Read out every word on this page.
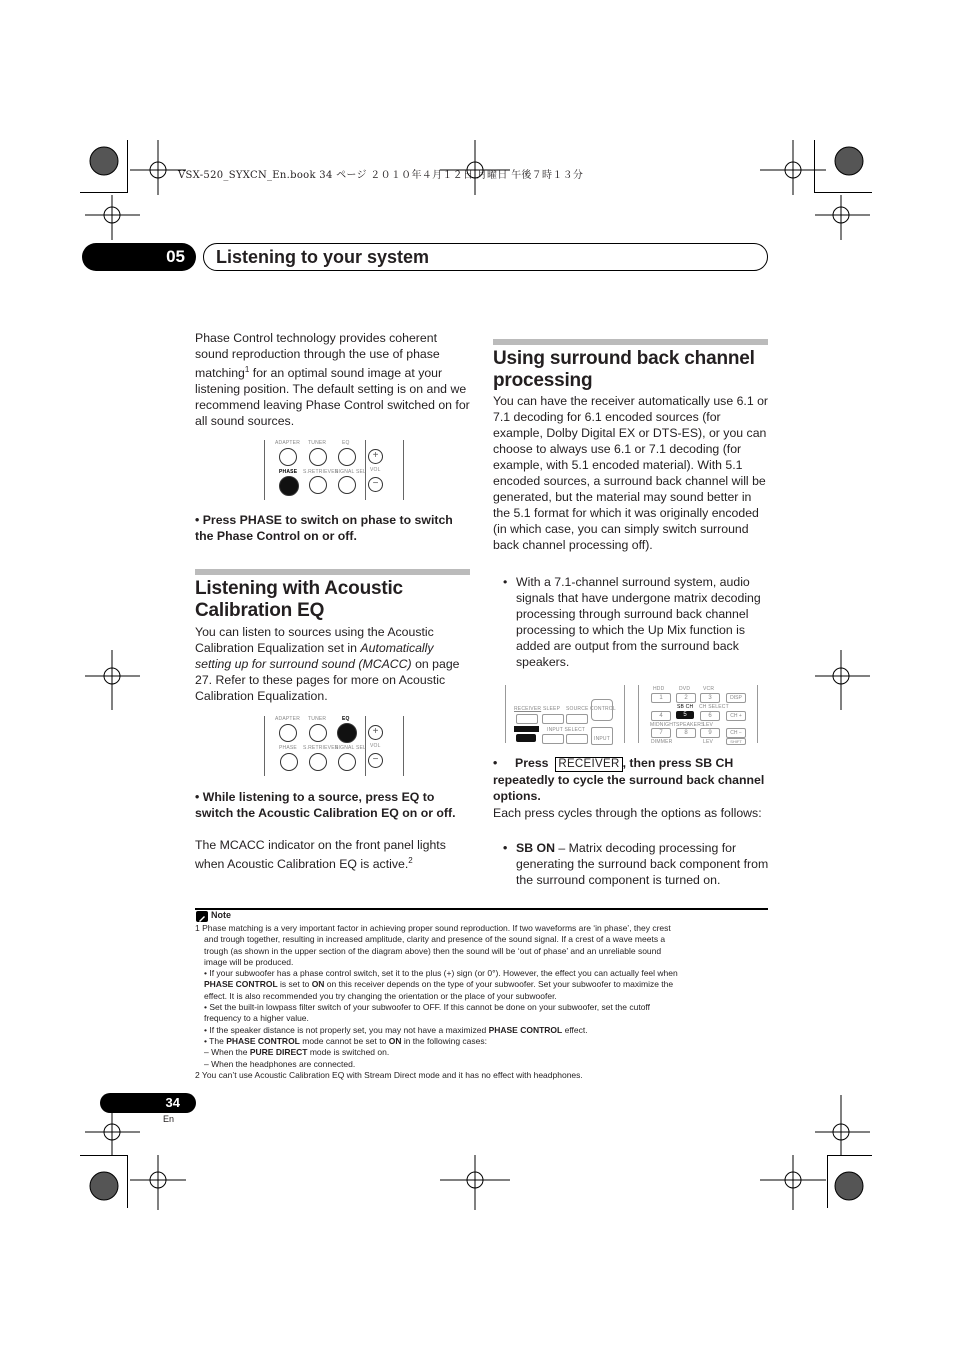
VSX-520_SYXCN_En.book 34 ページ ２０１０年４月１２日 月曜日 午後７時１３分
05	Listening to your system
Phase Control technology provides coherent sound reproduction through the use of phase matching$^1$ for an optimal sound image at your listening position. The default setting is on and we recommend leaving Phase Control switched on for all sound sources.
ADAPTER TUNER	EQ
PHASE S.RETRIEVER
SIGNAL SEL
+
VOL
−
• Press PHASE to switch on phase to switch the Phase Control on or off.
Listening with Acoustic
Calibration EQ
You can listen to sources using the Acoustic Calibration Equalization set in Automatically setting up for surround sound (MCACC) on page 27. Refer to these pages for more on Acoustic Calibration Equalization.
ADAPTER TUNER	EQ
PHASE S.RETRIEVER
SIGNAL SEL
+
VOL
−
• While listening to a source, press EQ to switch the Acoustic Calibration EQ on or off.
The MCACC indicator on the front panel lights when Acoustic Calibration EQ is active.$^2$
Using surround back channel
processing
You can have the receiver automatically use 6.1 or 7.1 decoding for 6.1 encoded sources (for example, Dolby Digital EX or DTS-ES), or you can choose to always use 6.1 or 7.1 decoding (for example, with 5.1 encoded material). With 5.1 encoded sources, a surround back channel will be generated, but the material may sound better in the 5.1 format for which it was originally encoded (in which case, you can simply switch surround back channel processing off).
• With a 7.1-channel surround system, audio signals that have undergone matrix decoding processing through surround back channel processing to which the Up Mix function is added are output from the surround back speakers.
RECEIVER SLEEP SOURCE CONTROL
INPUT SELECT
INPUT
HDD	DVD	VCR
1	2	3	DISP
SB CH CH SELECT
4	5	6	CH +
MIDNIGHT SPEAKERS
LEV
7	8	9	CH −
DIMMER	LEV	SHIFT
• Press RECEIVER , then press SB CH repeatedly to cycle the surround back channel options.
Each press cycles through the options as follows:
• SB ON – Matrix decoding processing for generating the surround back component from the surround component is turned on.
Note
1 Phase matching is a very important factor in achieving proper sound reproduction. If two waveforms are ‘in phase’, they crest
and trough together, resulting in increased amplitude, clarity and presence of the sound signal. If a crest of a wave meets a
trough (as shown in the upper section of the diagram above) then the sound will be ‘out of phase’ and an unreliable sound
image will be produced.
• If your subwoofer has a phase control switch, set it to the plus (+) sign (or 0°). However, the effect you can actually feel when
PHASE CONTROL is set to ON on this receiver depends on the type of your subwoofer. Set your subwoofer to maximize the
effect. It is also recommended you try changing the orientation or the place of your subwoofer.
• Set the built-in lowpass filter switch of your subwoofer to OFF. If this cannot be done on your subwoofer, set the cutoff
frequency to a higher value.
• If the speaker distance is not properly set, you may not have a maximized PHASE CONTROL effect.
• The PHASE CONTROL mode cannot be set to ON in the following cases:
– When the PURE DIRECT mode is switched on.
– When the headphones are connected.
2 You can’t use Acoustic Calibration EQ with Stream Direct mode and it has no effect with headphones.
34
En
